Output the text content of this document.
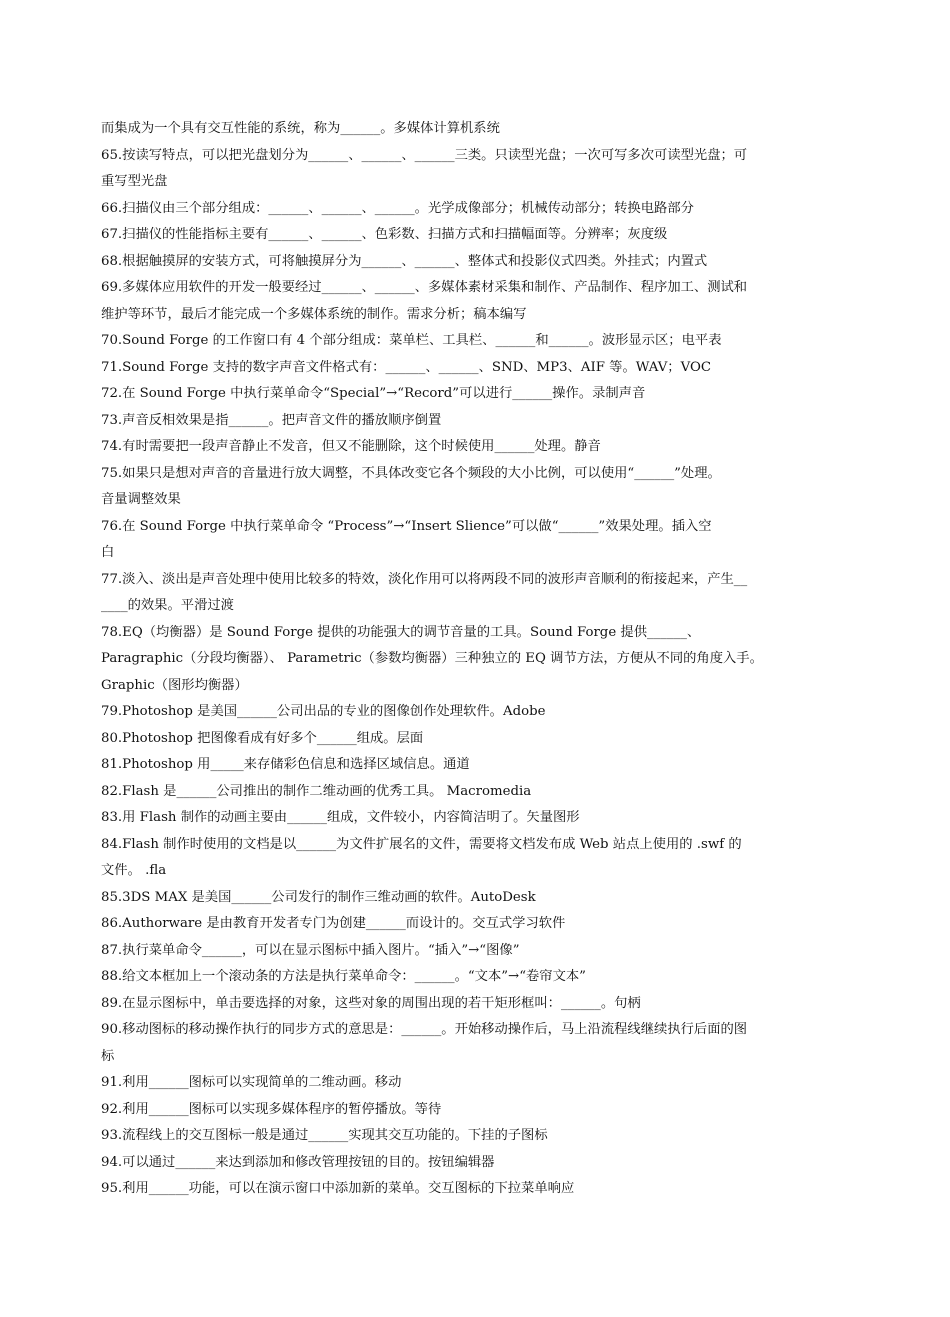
而集成为一个具有交互性能的系统，称为______。多媒体计算机系统

65.按读写特点，可以把光盘划分为______、______、______三类。只读型光盘；一次可写多次可读型光盘；可

重写型光盘

66.扫描仪由三个部分组成：______、______、______。光学成像部分；机械传动部分；转换电路部分

67.扫描仪的性能指标主要有______、______、色彩数、扫描方式和扫描幅面等。分辨率；灰度级

68.根据触摸屏的安装方式，可将触摸屏分为______、______、整体式和投影仪式四类。外挂式；内置式

69.多媒体应用软件的开发一般要经过______、______、多媒体素材采集和制作、产品制作、程序加工、测试和

维护等环节，最后才能完成一个多媒体系统的制作。需求分析；稿本编写

70.Sound Forge 的工作窗口有 4 个部分组成：菜单栏、工具栏、______和______。波形显示区；电平表

71.Sound Forge 支持的数字声音文件格式有：______、______、SND、MP3、AIF 等。WAV；VOC

72.在 Sound Forge 中执行菜单命令“Special”→“Record”可以进行______操作。录制声音

73.声音反相效果是指______。把声音文件的播放顺序倒置

74.有时需要把一段声音静止不发音，但又不能删除，这个时候使用______处理。静音

75.如果只是想对声音的音量进行放大调整，不具体改变它各个频段的大小比例，可以使用“______”处理。

音量调整效果

76.在 Sound Forge 中执行菜单命令 “Process”→“Insert Slience”可以做“______”效果处理。插入空

白

77.淡入、淡出是声音处理中使用比较多的特效，淡化作用可以将两段不同的波形声音顺利的衔接起来，产生__

____的效果。平滑过渡

78.EQ（均衡器）是 Sound Forge 提供的功能强大的调节音量的工具。Sound Forge 提供______、

Paragraphic（分段均衡器）、 Parametric（参数均衡器）三种独立的 EQ 调节方法，方便从不同的角度入手。

Graphic（图形均衡器）

79.Photoshop 是美国______公司出品的专业的图像创作处理软件。Adobe

80.Photoshop 把图像看成有好多个______组成。层面

81.Photoshop 用_____来存储彩色信息和选择区域信息。通道

82.Flash 是______公司推出的制作二维动画的优秀工具。 Macromedia

83.用 Flash 制作的动画主要由______组成，文件较小，内容简洁明了。矢量图形

84.Flash 制作时使用的文档是以______为文件扩展名的文件，需要将文档发布成 Web 站点上使用的 .swf 的

文件。 .fla

85.3DS MAX 是美国______公司发行的制作三维动画的软件。AutoDesk

86.Authorware 是由教育开发者专门为创建______而设计的。交互式学习软件

87.执行菜单命令______，可以在显示图标中插入图片。“插入”→“图像”

88.给文本框加上一个滚动条的方法是执行菜单命令：______。“文本”→“卷帘文本”

89.在显示图标中，单击要选择的对象，这些对象的周围出现的若干矩形框叫：______。句柄

90.移动图标的移动操作执行的同步方式的意思是：______。开始移动操作后，马上沿流程线继续执行后面的图

标

91.利用______图标可以实现简单的二维动画。移动

92.利用______图标可以实现多媒体程序的暂停播放。等待

93.流程线上的交互图标一般是通过______实现其交互功能的。下挂的子图标

94.可以通过______来达到添加和修改管理按钮的目的。按钮编辑器

95.利用______功能，可以在演示窗口中添加新的菜单。交互图标的下拉菜单响应
